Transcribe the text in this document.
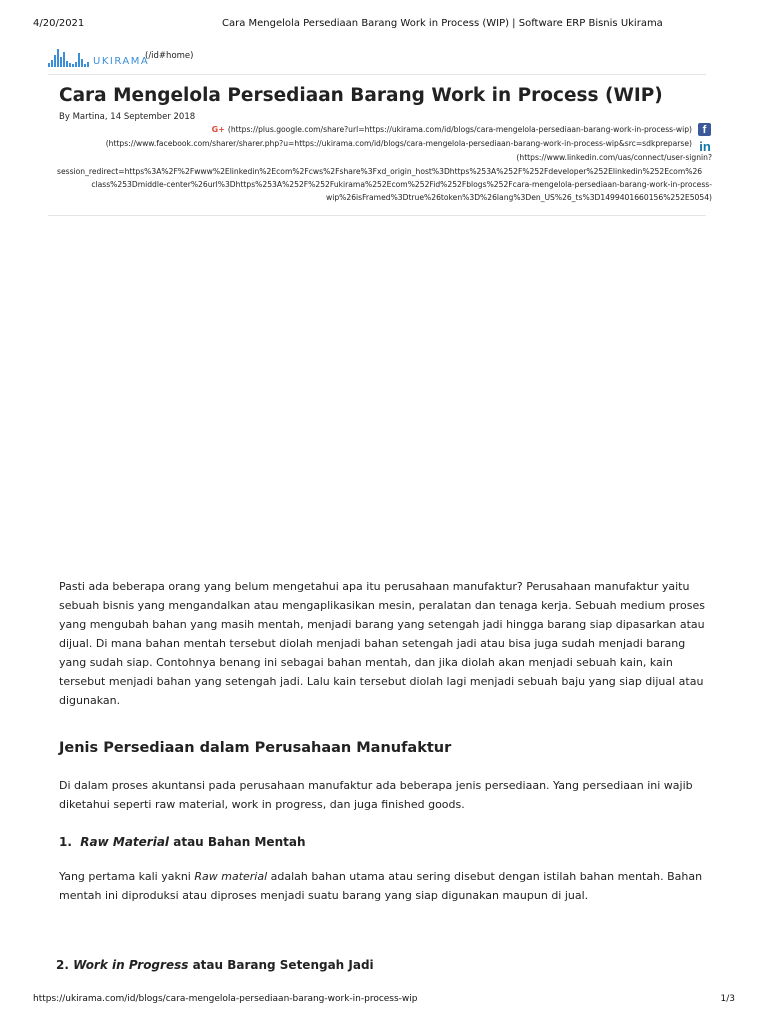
4/20/2021	Cara Mengelola Persediaan Barang Work in Process (WIP) | Software ERP Bisnis Ukirama
UKIRAMA
(/id#home)
Cara Mengelola Persediaan Barang Work in Process (WIP)
By Martina, 14 September 2018
G+ (https://plus.google.com/share?url=https://ukirama.com/id/blogs/cara-mengelola-persediaan-barang-work-in-process-wip)
(https://www.facebook.com/sharer/sharer.php?u=https://ukirama.com/id/blogs/cara-mengelola-persediaan-barang-work-in-process-wip&src=sdkpreparse)
(https://www.linkedin.com/uas/connect/user-signin?
session_redirect=https%3A%2F%2Fwww%2Elinkedin%2Ecom%2Fcws%2Fshare%3Fxd_origin_host%3Dhttps%253A%252F%252Fdeveloper%252Elinkedin%252Ecom%26
class%253Dmiddle-center%26url%3Dhttps%253A%252F%252Fukirama%252Ecom%252Fid%252Fblogs%252Fcara-mengelola-persediaan-barang-work-in-process-
wip%26isFramed%3Dtrue%26token%3D%26lang%3Den_US%26_ts%3D1499401660156%252E5054)
f
in

Pasti ada beberapa orang yang belum mengetahui apa itu perusahaan manufaktur? Perusahaan manufaktur yaitu sebuah bisnis yang mengandalkan atau mengaplikasikan mesin, peralatan dan tenaga kerja. Sebuah medium proses yang mengubah bahan yang masih mentah, menjadi barang yang setengah jadi hingga barang siap dipasarkan atau dijual. Di mana bahan mentah tersebut diolah menjadi bahan setengah jadi atau bisa juga sudah menjadi barang yang sudah siap. Contohnya benang ini sebagai bahan mentah, dan jika diolah akan menjadi sebuah kain, kain tersebut menjadi bahan yang setengah jadi. Lalu kain tersebut diolah lagi menjadi sebuah baju yang siap dijual atau digunakan.

Jenis Persediaan dalam Perusahaan Manufaktur

Di dalam proses akuntansi pada perusahaan manufaktur ada beberapa jenis persediaan. Yang persediaan ini wajib diketahui seperti raw material, work in progress, dan juga finished goods.

1. Raw Material atau Bahan Mentah

Yang pertama kali yakni Raw material adalah bahan utama atau sering disebut dengan istilah bahan mentah. Bahan mentah ini diproduksi atau diproses menjadi suatu barang yang siap digunakan maupun di jual.

2. Work in Progress atau Barang Setengah Jadi
https://ukirama.com/id/blogs/cara-mengelola-persediaan-barang-work-in-process-wip	1/3
